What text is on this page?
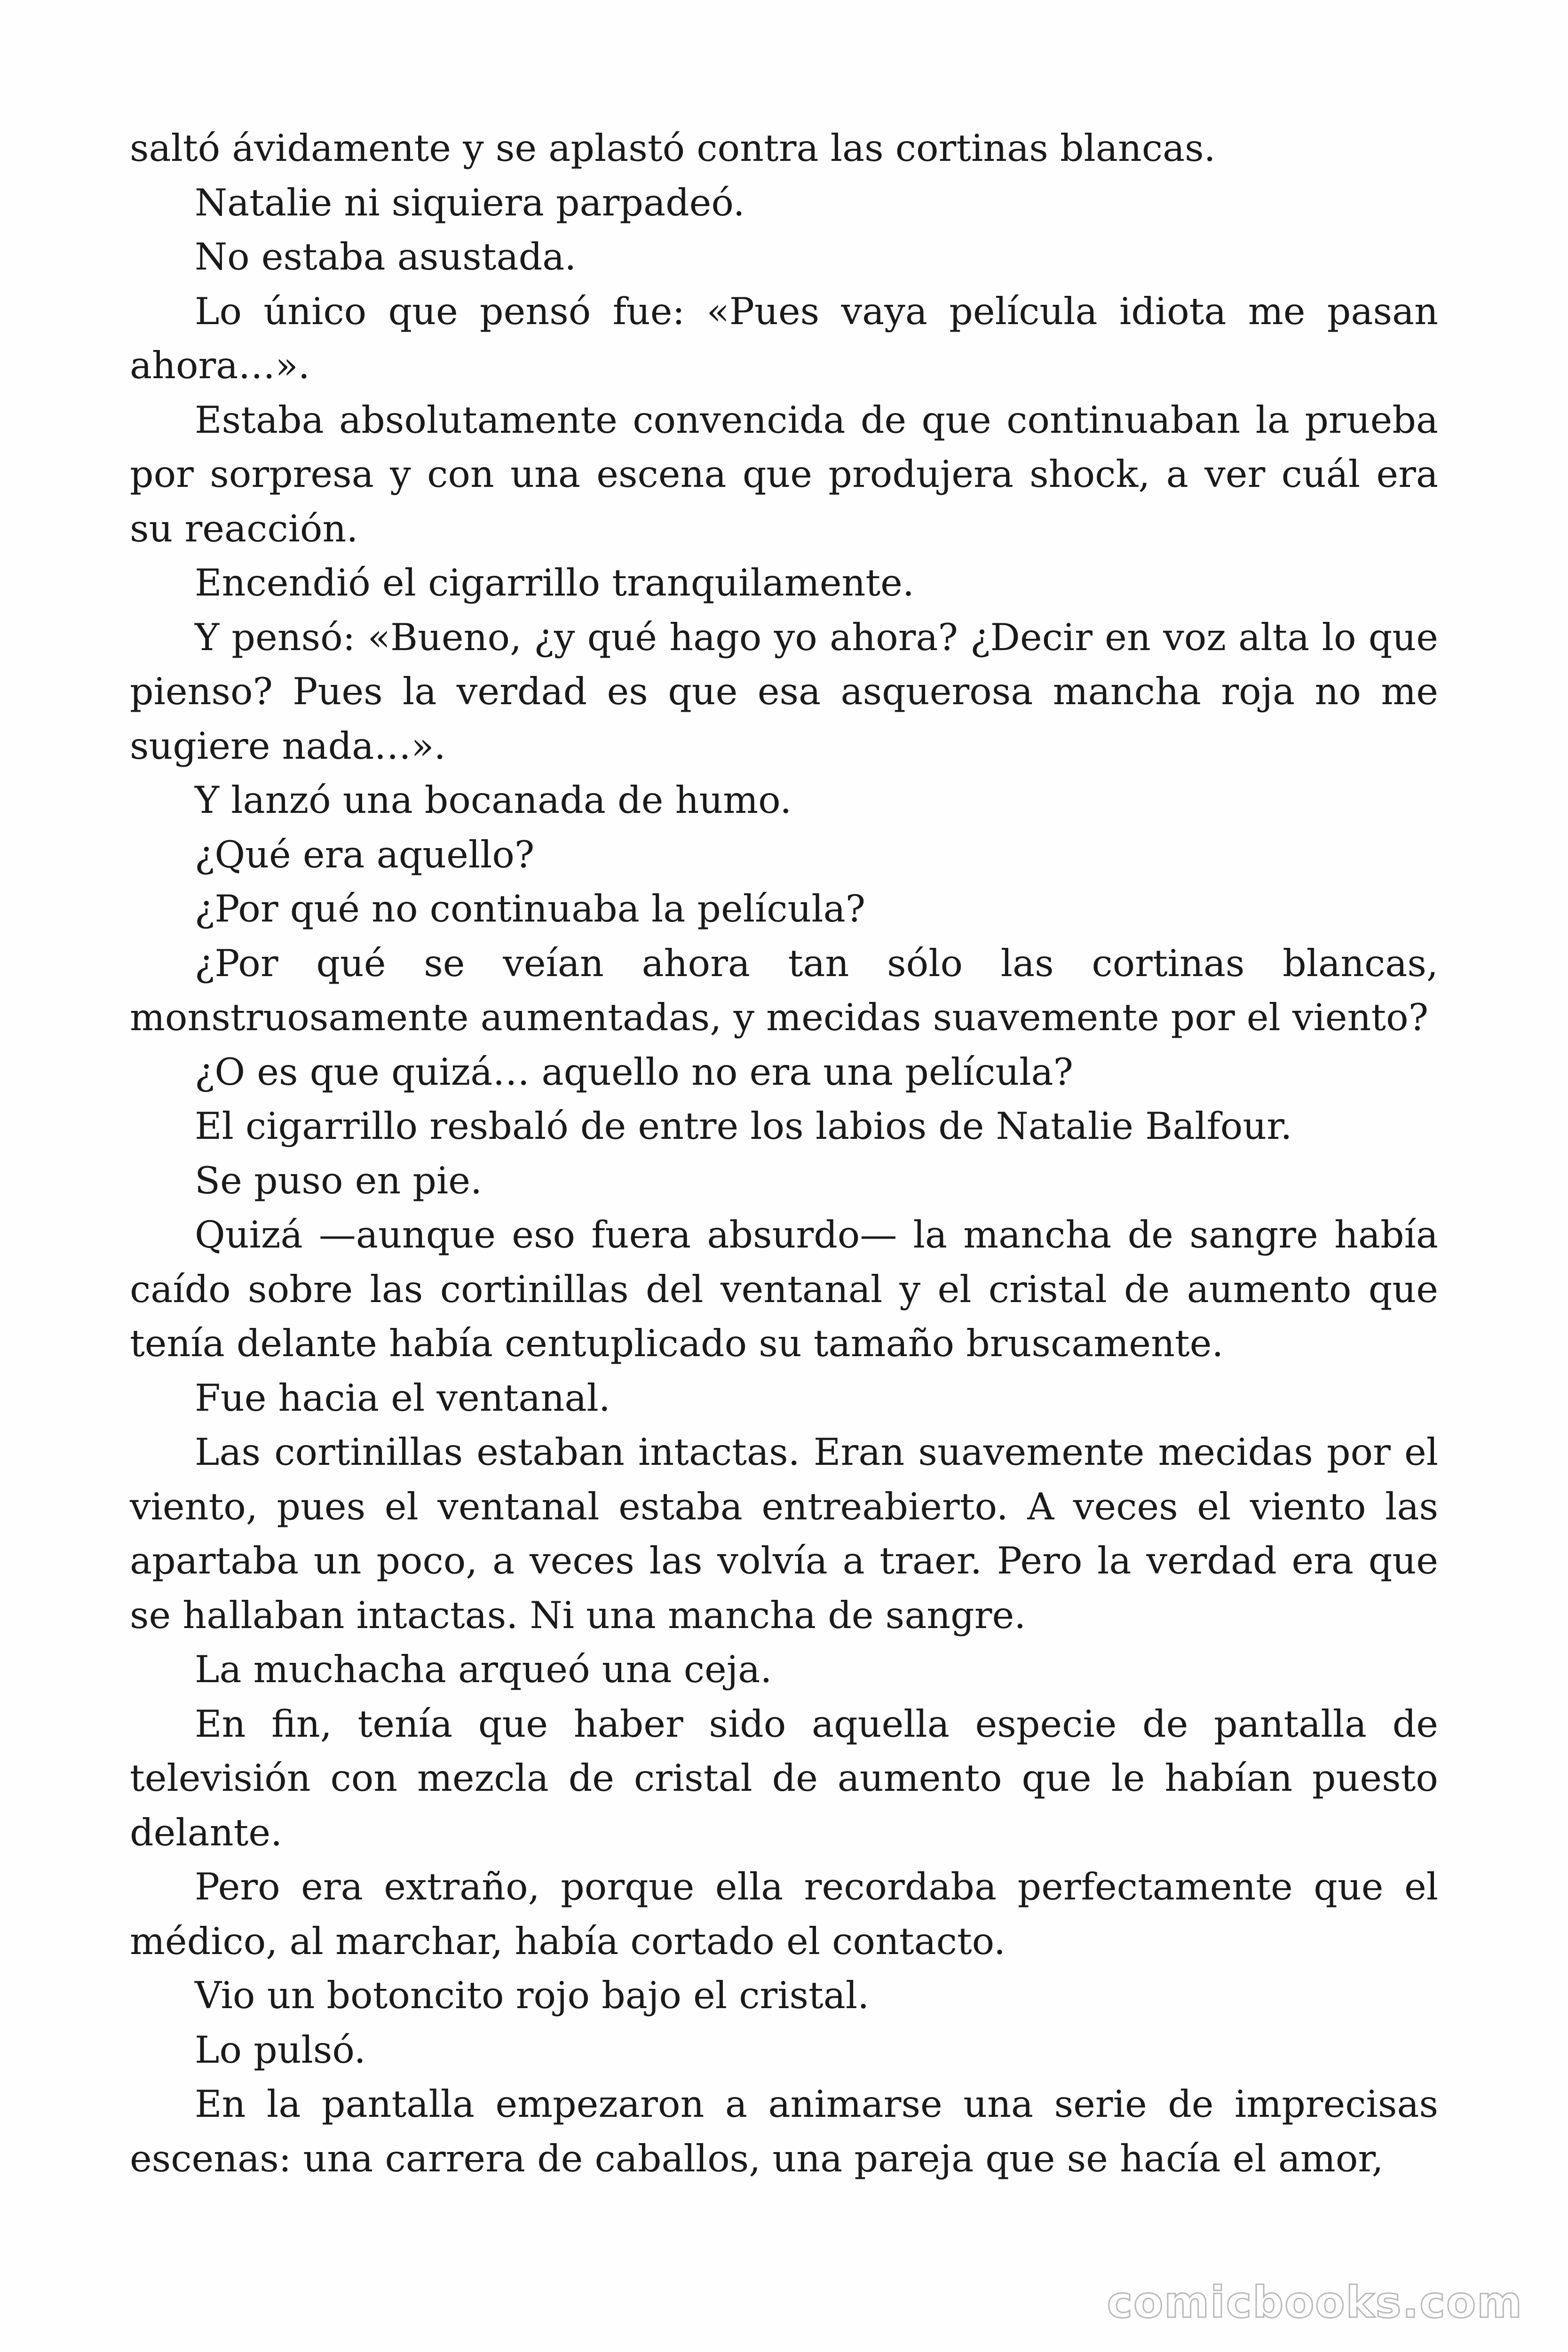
saltó ávidamente y se aplastó contra las cortinas blancas.

Natalie ni siquiera parpadeó.

No estaba asustada.

Lo único que pensó fue: «Pues vaya película idiota me pasan ahora…».

Estaba absolutamente convencida de que continuaban la prueba por sorpresa y con una escena que produjera shock, a ver cuál era su reacción.

Encendió el cigarrillo tranquilamente.

Y pensó: «Bueno, ¿y qué hago yo ahora? ¿Decir en voz alta lo que pienso? Pues la verdad es que esa asquerosa mancha roja no me sugiere nada…».

Y lanzó una bocanada de humo.

¿Qué era aquello?

¿Por qué no continuaba la película?

¿Por qué se veían ahora tan sólo las cortinas blancas, monstruosamente aumentadas, y mecidas suavemente por el viento?

¿O es que quizá… aquello no era una película?

El cigarrillo resbaló de entre los labios de Natalie Balfour.

Se puso en pie.

Quizá —aunque eso fuera absurdo— la mancha de sangre había caído sobre las cortinillas del ventanal y el cristal de aumento que tenía delante había centuplicado su tamaño bruscamente.

Fue hacia el ventanal.

Las cortinillas estaban intactas. Eran suavemente mecidas por el viento, pues el ventanal estaba entreabierto. A veces el viento las apartaba un poco, a veces las volvía a traer. Pero la verdad era que se hallaban intactas. Ni una mancha de sangre.

La muchacha arqueó una ceja.

En fin, tenía que haber sido aquella especie de pantalla de televisión con mezcla de cristal de aumento que le habían puesto delante.

Pero era extraño, porque ella recordaba perfectamente que el médico, al marchar, había cortado el contacto.

Vio un botoncito rojo bajo el cristal.

Lo pulsó.

En la pantalla empezaron a animarse una serie de imprecisas escenas: una carrera de caballos, una pareja que se hacía el amor,

comicbooks.com
